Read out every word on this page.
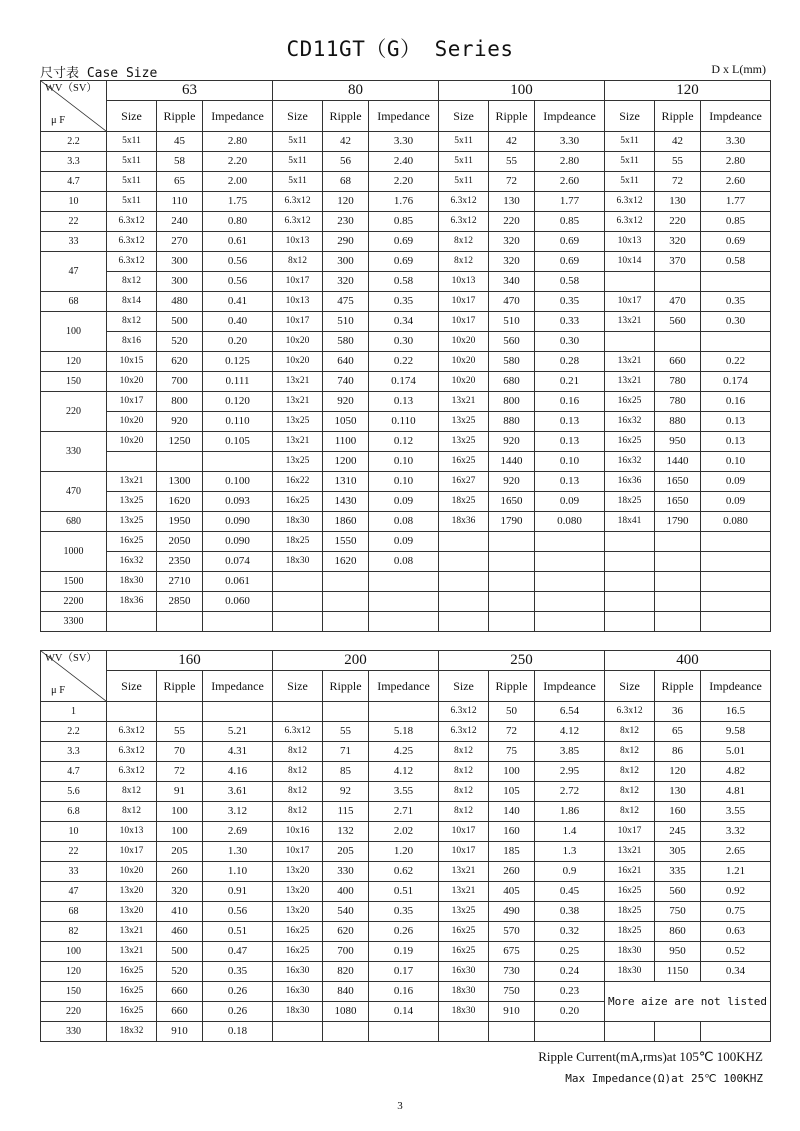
CD11GT（G） Series
尺寸表 Case Size	D x L(mm)
WV（SV）
μ F	63			80			100			120		
	Size	Ripple	Impedance	Size	Ripple	Impedance	Size	Ripple	Impdeance	Size	Ripple	Impdeance
2.2	5x11	45	2.80	5x11	42	3.30	5x11	42	3.30	5x11	42	3.30
3.3	5x11	58	2.20	5x11	56	2.40	5x11	55	2.80	5x11	55	2.80
4.7	5x11	65	2.00	5x11	68	2.20	5x11	72	2.60	5x11	72	2.60
10	5x11	110	1.75	6.3x12	120	1.76	6.3x12	130	1.77	6.3x12	130	1.77
22	6.3x12	240	0.80	6.3x12	230	0.85	6.3x12	220	0.85	6.3x12	220	0.85
33	6.3x12	270	0.61	10x13	290	0.69	8x12	320	0.69	10x13	320	0.69
47	6.3x12	300	0.56	8x12	300	0.69	8x12	320	0.69	10x14	370	0.58
	8x12	300	0.56	10x17	320	0.58	10x13	340	0.58			
68	8x14	480	0.41	10x13	475	0.35	10x17	470	0.35	10x17	470	0.35
100	8x12	500	0.40	10x17	510	0.34	10x17	510	0.33	13x21	560	0.30
	8x16	520	0.20	10x20	580	0.30	10x20	560	0.30			
120	10x15	620	0.125	10x20	640	0.22	10x20	580	0.28	13x21	660	0.22
150	10x20	700	0.111	13x21	740	0.174	10x20	680	0.21	13x21	780	0.174
220	10x17	800	0.120	13x21	920	0.13	13x21	800	0.16	16x25	780	0.16
	10x20	920	0.110	13x25	1050	0.110	13x25	880	0.13	16x32	880	0.13
330	10x20	1250	0.105	13x21	1100	0.12	13x25	920	0.13	16x25	950	0.13
				13x25	1200	0.10	16x25	1440	0.10	16x32	1440	0.10
470	13x21	1300	0.100	16x22	1310	0.10	16x27	920	0.13	16x36	1650	0.09
	13x25	1620	0.093	16x25	1430	0.09	18x25	1650	0.09	18x25	1650	0.09
680	13x25	1950	0.090	18x30	1860	0.08	18x36	1790	0.080	18x41	1790	0.080
1000	16x25	2050	0.090	18x25	1550	0.09						
	16x32	2350	0.074	18x30	1620	0.08						
1500	18x30	2710	0.061									
2200	18x36	2850	0.060									
3300												
WV（SV）
μ F	160			200			250			400		
	Size	Ripple	Impedance	Size	Ripple	Impedance	Size	Ripple	Impdeance	Size	Ripple	Impdeance
1							6.3x12	50	6.54	6.3x12	36	16.5
2.2	6.3x12	55	5.21	6.3x12	55	5.18	6.3x12	72	4.12	8x12	65	9.58
3.3	6.3x12	70	4.31	8x12	71	4.25	8x12	75	3.85	8x12	86	5.01
4.7	6.3x12	72	4.16	8x12	85	4.12	8x12	100	2.95	8x12	120	4.82
5.6	8x12	91	3.61	8x12	92	3.55	8x12	105	2.72	8x12	130	4.81
6.8	8x12	100	3.12	8x12	115	2.71	8x12	140	1.86	8x12	160	3.55
10	10x13	100	2.69	10x16	132	2.02	10x17	160	1.4	10x17	245	3.32
22	10x17	205	1.30	10x17	205	1.20	10x17	185	1.3	13x21	305	2.65
33	10x20	260	1.10	13x20	330	0.62	13x21	260	0.9	16x21	335	1.21
47	13x20	320	0.91	13x20	400	0.51	13x21	405	0.45	16x25	560	0.92
68	13x20	410	0.56	13x20	540	0.35	13x25	490	0.38	18x25	750	0.75
82	13x21	460	0.51	16x25	620	0.26	16x25	570	0.32	18x25	860	0.63
100	13x21	500	0.47	16x25	700	0.19	16x25	675	0.25	18x30	950	0.52
120	16x25	520	0.35	16x30	820	0.17	16x30	730	0.24	18x30	1150	0.34
150	16x25	660	0.26	16x30	840	0.16	18x30	750	0.23	More aize are not listed		
220	16x25	660	0.26	18x30	1080	0.14	18x30	910	0.20			
330	18x32	910	0.18									
Ripple Current(mA,rms)at 105℃ 100KHZ
Max Impedance(Ω)at 25℃ 100KHZ
3
